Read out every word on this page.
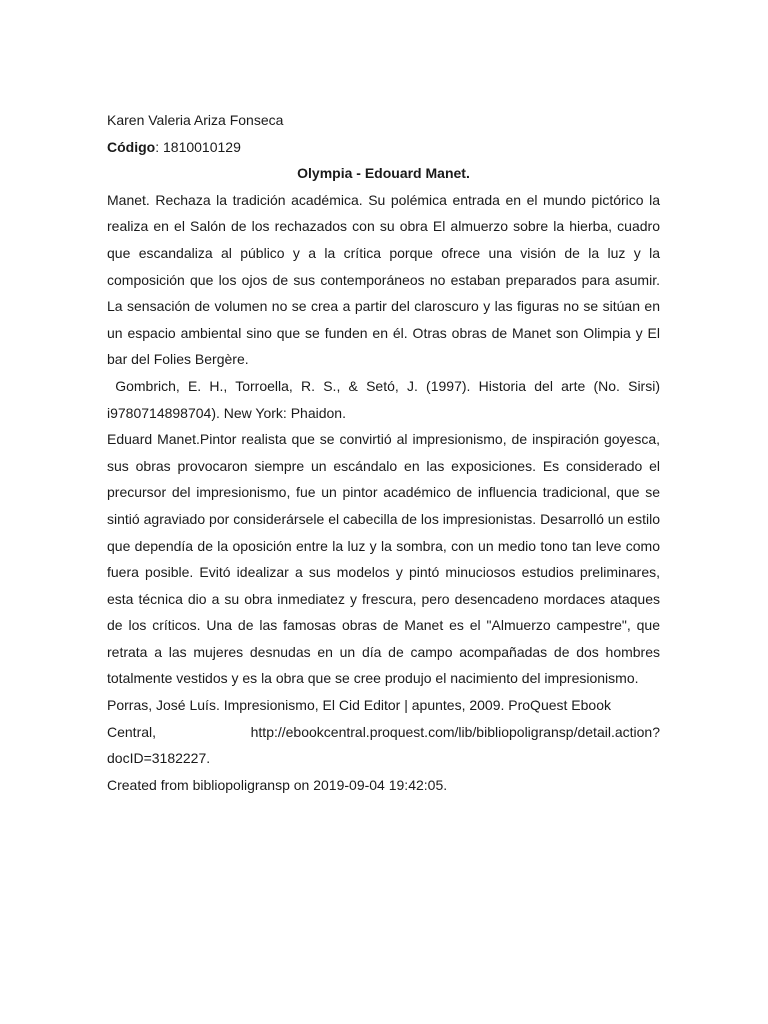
Karen Valeria Ariza Fonseca
Código: 1810010129
Olympia - Edouard Manet.

Manet. Rechaza la tradición académica. Su polémica entrada en el mundo pictórico la realiza en el Salón de los rechazados con su obra El almuerzo sobre la hierba, cuadro que escandaliza al público y a la crítica porque ofrece una visión de la luz y la composición que los ojos de sus contemporáneos no estaban preparados para asumir. La sensación de volumen no se crea a partir del claroscuro y las figuras no se sitúan en un espacio ambiental sino que se funden en él. Otras obras de Manet son Olimpia y El bar del Folies Bergère.

Gombrich, E. H., Torroella, R. S., & Setó, J. (1997). Historia del arte (No. Sirsi) i9780714898704). New York: Phaidon.

Eduard Manet.Pintor realista que se convirtió al impresionismo, de inspiración goyesca, sus obras provocaron siempre un escándalo en las exposiciones. Es considerado el precursor del impresionismo, fue un pintor académico de influencia tradicional, que se sintió agraviado por considerársele el cabecilla de los impresionistas. Desarrolló un estilo que dependía de la oposición entre la luz y la sombra, con un medio tono tan leve como fuera posible. Evitó idealizar a sus modelos y pintó minuciosos estudios preliminares, esta técnica dio a su obra inmediatez y frescura, pero desencadeno mordaces ataques de los críticos. Una de las famosas obras de Manet es el "Almuerzo campestre", que retrata a las mujeres desnudas en un día de campo acompañadas de dos hombres totalmente vestidos y es la obra que se cree produjo el nacimiento del impresionismo.

Porras, José Luís. Impresionismo, El Cid Editor | apuntes, 2009. ProQuest Ebook
Central,	http://ebookcentral.proquest.com/lib/bibliopoligransp/detail.action?
docID=3182227.
Created from bibliopoligransp on 2019-09-04 19:42:05.
